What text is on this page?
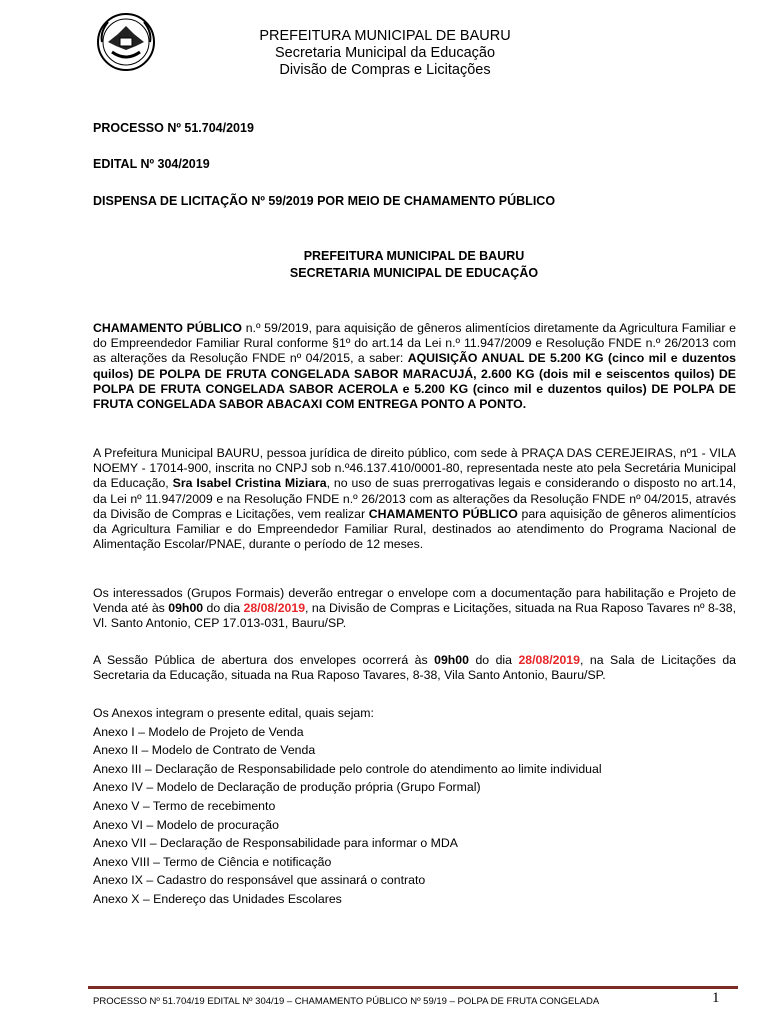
PREFEITURA MUNICIPAL DE BAURU
Secretaria Municipal da Educação
Divisão de Compras e Licitações
PROCESSO Nº 51.704/2019
EDITAL Nº 304/2019
DISPENSA DE LICITAÇÃO Nº 59/2019 POR MEIO DE CHAMAMENTO PÚBLICO
PREFEITURA MUNICIPAL DE BAURU
SECRETARIA MUNICIPAL DE EDUCAÇÃO
CHAMAMENTO PÚBLICO n.º 59/2019, para aquisição de gêneros alimentícios diretamente da Agricultura Familiar e do Empreendedor Familiar Rural conforme §1º do art.14 da Lei n.º 11.947/2009 e Resolução FNDE n.º 26/2013 com as alterações da Resolução FNDE nº 04/2015, a saber: AQUISIÇÃO ANUAL DE 5.200 KG (cinco mil e duzentos quilos) DE POLPA DE FRUTA CONGELADA SABOR MARACUJÁ, 2.600 KG (dois mil e seiscentos quilos) DE POLPA DE FRUTA CONGELADA SABOR ACEROLA e 5.200 KG (cinco mil e duzentos quilos) DE POLPA DE FRUTA CONGELADA SABOR ABACAXI COM ENTREGA PONTO A PONTO.
A Prefeitura Municipal BAURU, pessoa jurídica de direito público, com sede à PRAÇA DAS CEREJEIRAS, nº1 - VILA NOEMY - 17014-900, inscrita no CNPJ sob n.º46.137.410/0001-80, representada neste ato pela Secretária Municipal da Educação, Sra Isabel Cristina Miziara, no uso de suas prerrogativas legais e considerando o disposto no art.14, da Lei nº 11.947/2009 e na Resolução FNDE n.º 26/2013 com as alterações da Resolução FNDE nº 04/2015, através da Divisão de Compras e Licitações, vem realizar CHAMAMENTO PÚBLICO para aquisição de gêneros alimentícios da Agricultura Familiar e do Empreendedor Familiar Rural, destinados ao atendimento do Programa Nacional de Alimentação Escolar/PNAE, durante o período de 12 meses.
Os interessados (Grupos Formais) deverão entregar o envelope com a documentação para habilitação e Projeto de Venda até às 09h00 do dia 28/08/2019, na Divisão de Compras e Licitações, situada na Rua Raposo Tavares nº 8-38, Vl. Santo Antonio, CEP 17.013-031, Bauru/SP.
A Sessão Pública de abertura dos envelopes ocorrerá às 09h00 do dia 28/08/2019, na Sala de Licitações da Secretaria da Educação, situada na Rua Raposo Tavares, 8-38, Vila Santo Antonio, Bauru/SP.
Os Anexos integram o presente edital, quais sejam:
Anexo I – Modelo de Projeto de Venda
Anexo II – Modelo de Contrato de Venda
Anexo III – Declaração de Responsabilidade pelo controle do atendimento ao limite individual
Anexo IV – Modelo de Declaração de produção própria (Grupo Formal)
Anexo V – Termo de recebimento
Anexo VI – Modelo de procuração
Anexo VII – Declaração de Responsabilidade para informar o MDA
Anexo VIII – Termo de Ciência e notificação
Anexo IX – Cadastro do responsável que assinará o contrato
Anexo X – Endereço das Unidades Escolares
PROCESSO Nº 51.704/19 EDITAL Nº 304/19 – CHAMAMENTO PÚBLICO Nº 59/19 – POLPA DE FRUTA CONGELADA	1
